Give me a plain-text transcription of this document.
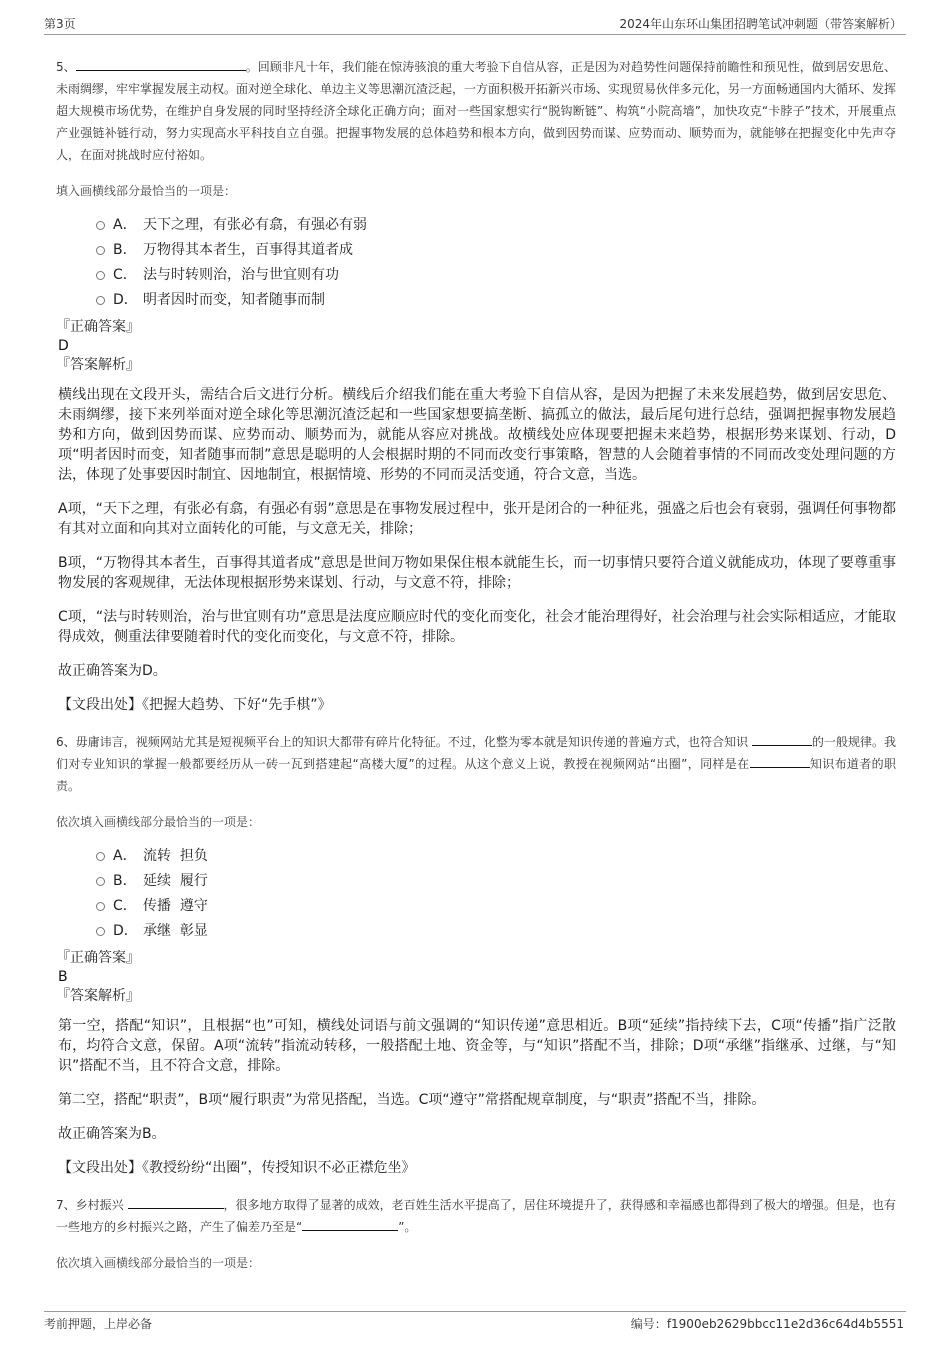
第3页	2024年山东环山集团招聘笔试冲刺题（带答案解析）

5、	。回顾非凡十年，我们能在惊涛骇浪的重大考验下自信从容，正是因为对趋势性问题保持前瞻性和预见性，做到居安思危、未雨绸缪，牢牢掌握发展主动权。面对逆全球化、单边主义等思潮沉渣泛起，一方面积极开拓新兴市场、实现贸易伙伴多元化，另一方面畅通国内大循环、发挥超大规模市场优势，在维护自身发展的同时坚持经济全球化正确方向；面对一些国家想实行“脱钩断链”、构筑“小院高墙”，加快攻克“卡脖子”技术，开展重点产业强链补链行动，努力实现高水平科技自立自强。把握事物发展的总体趋势和根本方向，做到因势而谋、应势而动、顺势而为，就能够在把握变化中先声夺人，在面对挑战时应付裕如。

填入画横线部分最恰当的一项是：

A． 天下之理，有张必有翕，有强必有弱
B． 万物得其本者生，百事得其道者成
C． 法与时转则治，治与世宜则有功
D． 明者因时而变，知者随事而制
『正确答案』
D
『答案解析』

横线出现在文段开头，需结合后文进行分析。横线后介绍我们能在重大考验下自信从容，是因为把握了未来发展趋势，做到居安思危、未雨绸缪，接下来列举面对逆全球化等思潮沉渣泛起和一些国家想要搞垄断、搞孤立的做法，最后尾句进行总结，强调把握事物发展趋势和方向，做到因势而谋、应势而动、顺势而为，就能从容应对挑战。故横线处应体现要把握未来趋势，根据形势来谋划、行动，D项“明者因时而变，知者随事而制”意思是聪明的人会根据时期的不同而改变行事策略，智慧的人会随着事情的不同而改变处理问题的方法，体现了处事要因时制宜、因地制宜，根据情境、形势的不同而灵活变通，符合文意，当选。

A项，“天下之理，有张必有翕，有强必有弱”意思是在事物发展过程中，张开是闭合的一种征兆，强盛之后也会有衰弱，强调任何事物都有其对立面和向其对立面转化的可能，与文意无关，排除；

B项，“万物得其本者生，百事得其道者成”意思是世间万物如果保住根本就能生长，而一切事情只要符合道义就能成功，体现了要尊重事物发展的客观规律，无法体现根据形势来谋划、行动，与文意不符，排除；

C项，“法与时转则治，治与世宜则有功”意思是法度应顺应时代的变化而变化，社会才能治理得好，社会治理与社会实际相适应，才能取得成效，侧重法律要随着时代的变化而变化，与文意不符，排除。

故正确答案为D。

【文段出处】《把握大趋势、下好“先手棋”》

6、毋庸讳言，视频网站尤其是短视频平台上的知识大都带有碎片化特征。不过，化整为零本就是知识传递的普遍方式，也符合知识	的一般规律。我们对专业知识的掌握一般都要经历从一砖一瓦到搭建起“高楼大厦”的过程。从这个意义上说，教授在视频网站“出圈”，同样是在	知识布道者的职责。

依次填入画横线部分最恰当的一项是：

A． 流转  担负
B． 延续  履行
C． 传播  遵守
D． 承继  彰显
『正确答案』
B
『答案解析』

第一空，搭配“知识”，且根据“也”可知，横线处词语与前文强调的“知识传递”意思相近。B项“延续”指持续下去，C项“传播”指广泛散布，均符合文意，保留。A项“流转”指流动转移，一般搭配土地、资金等，与“知识”搭配不当，排除；D项“承继”指继承、过继，与“知识”搭配不当，且不符合文意，排除。

第二空，搭配“职责”，B项“履行职责”为常见搭配，当选。C项“遵守”常搭配规章制度，与“职责”搭配不当，排除。

故正确答案为B。

【文段出处】《教授纷纷“出圈”，传授知识不必正襟危坐》

7、乡村振兴	，很多地方取得了显著的成效，老百姓生活水平提高了，居住环境提升了，获得感和幸福感也都得到了极大的增强。但是，也有一些地方的乡村振兴之路，产生了偏差乃至是“	”。

依次填入画横线部分最恰当的一项是：

考前押题，上岸必备	编号：f1900eb2629bbcc11e2d36c64d4b5551
